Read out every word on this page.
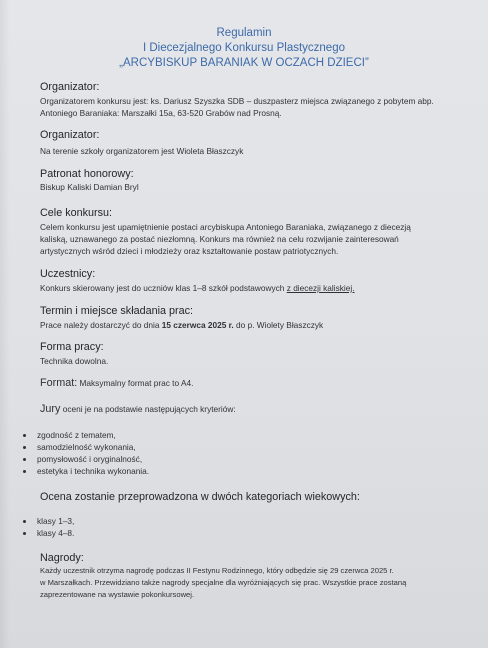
Regulamin
I Diecezjalnego Konkursu Plastycznego
„ARCYBISKUP BARANIAK W OCZACH DZIECI”
Organizator:
Organizatorem konkursu jest: ks. Dariusz Szyszka SDB – duszpasterz miejsca związanego z pobytem abp.
Antoniego Baraniaka: Marszałki 15a, 63-520 Grabów nad Prosną.
Organizator:
Na terenie szkoły organizatorem jest Wioleta Błaszczyk
Patronat honorowy:
Biskup Kaliski Damian Bryl
Cele konkursu:
Celem konkursu jest upamiętnienie postaci arcybiskupa Antoniego Baraniaka, związanego z diecezją
kaliską, uznawanego za postać niezłomną. Konkurs ma również na celu rozwijanie zainteresowań
artystycznych wśród dzieci i młodzieży oraz kształtowanie postaw patriotycznych.
Uczestnicy:
Konkurs skierowany jest do uczniów klas 1–8 szkół podstawowych z diecezji kaliskiej.
Termin i miejsce składania prac:
Prace należy dostarczyć do dnia 15 czerwca 2025 r. do p. Wiolety Błaszczyk
Forma pracy:
Technika dowolna.
Format: Maksymalny format prac to A4.
Jury oceni je na podstawie następujących kryteriów:
zgodność z tematem,
samodzielność wykonania,
pomysłowość i oryginalność,
estetyka i technika wykonania.
Ocena zostanie przeprowadzona w dwóch kategoriach wiekowych:
klasy 1–3,
klasy 4–8.
Nagrody:
Każdy uczestnik otrzyma nagrodę podczas II Festynu Rodzinnego, który odbędzie się 29 czerwca 2025 r.
w Marszałkach. Przewidziano także nagrody specjalne dla wyróżniających się prac. Wszystkie prace zostaną
zaprezentowane na wystawie pokonkursowej.
